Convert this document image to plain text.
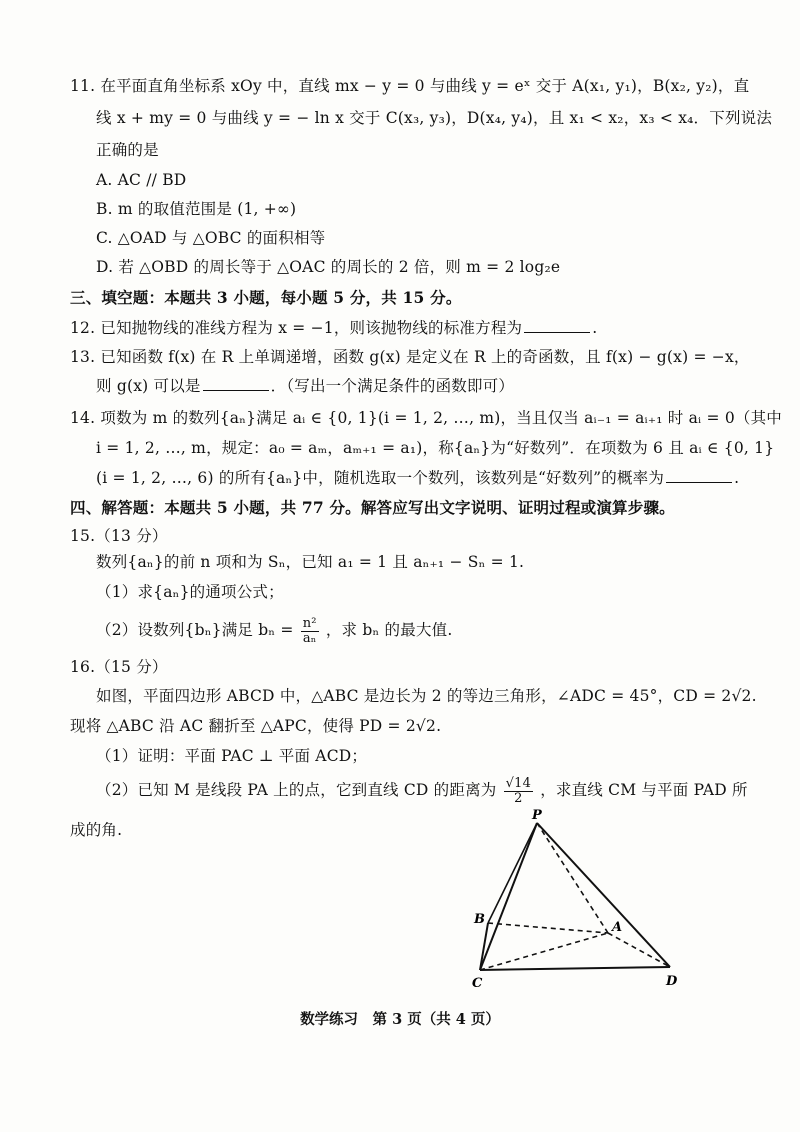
11. 在平面直角坐标系 xOy 中，直线 mx − y = 0 与曲线 y = eˣ 交于 A(x₁, y₁)，B(x₂, y₂)，直
线 x + my = 0 与曲线 y = − ln x 交于 C(x₃, y₃)，D(x₄, y₄)，且 x₁ < x₂，x₃ < x₄．下列说法
正确的是
A. AC // BD
B. m 的取值范围是 (1, +∞)
C. △OAD 与 △OBC 的面积相等
D. 若 △OBD 的周长等于 △OAC 的周长的 2 倍，则 m = 2 log₂e
三、填空题：本题共 3 小题，每小题 5 分，共 15 分。
12. 已知抛物线的准线方程为 x = −1，则该抛物线的标准方程为	.
13. 已知函数 f(x) 在 R 上单调递增，函数 g(x) 是定义在 R 上的奇函数，且 f(x) − g(x) = −x，
则 g(x) 可以是	．（写出一个满足条件的函数即可）
14. 项数为 m 的数列{aₙ}满足 aᵢ ∈ {0, 1}(i = 1, 2, …, m)，当且仅当 aᵢ₋₁ = aᵢ₊₁ 时 aᵢ = 0（其中
i = 1, 2, …, m，规定：a₀ = aₘ，aₘ₊₁ = a₁)，称{aₙ}为“好数列”．在项数为 6 且 aᵢ ∈ {0, 1}
(i = 1, 2, …, 6) 的所有{aₙ}中，随机选取一个数列，该数列是“好数列”的概率为	.
四、解答题：本题共 5 小题，共 77 分。解答应写出文字说明、证明过程或演算步骤。
15.（13 分）
数列{aₙ}的前 n 项和为 Sₙ，已知 a₁ = 1 且 aₙ₊₁ − Sₙ = 1.
（1）求{aₙ}的通项公式；
（2）设数列{bₙ}满足 $b_n = \frac{\text{n²}}{\text{aₙ}}$ ，求 bₙ 的最大值.
16.（15 分）
如图，平面四边形 ABCD 中，△ABC 是边长为 2 的等边三角形，∠ADC = 45°，CD = 2√2.
现将 △ABC 沿 AC 翻折至 △APC，使得 PD = 2√2.
（1）证明：平面 PAC ⊥ 平面 ACD；
（2）已知 M 是线段 PA 上的点，它到直线 CD 的距离为 $\frac{√14}{2}$ ，求直线 CM 与平面 PAD 所
成的角.
P
B
A
C	D
数学练习　第 3 页（共 4 页）
